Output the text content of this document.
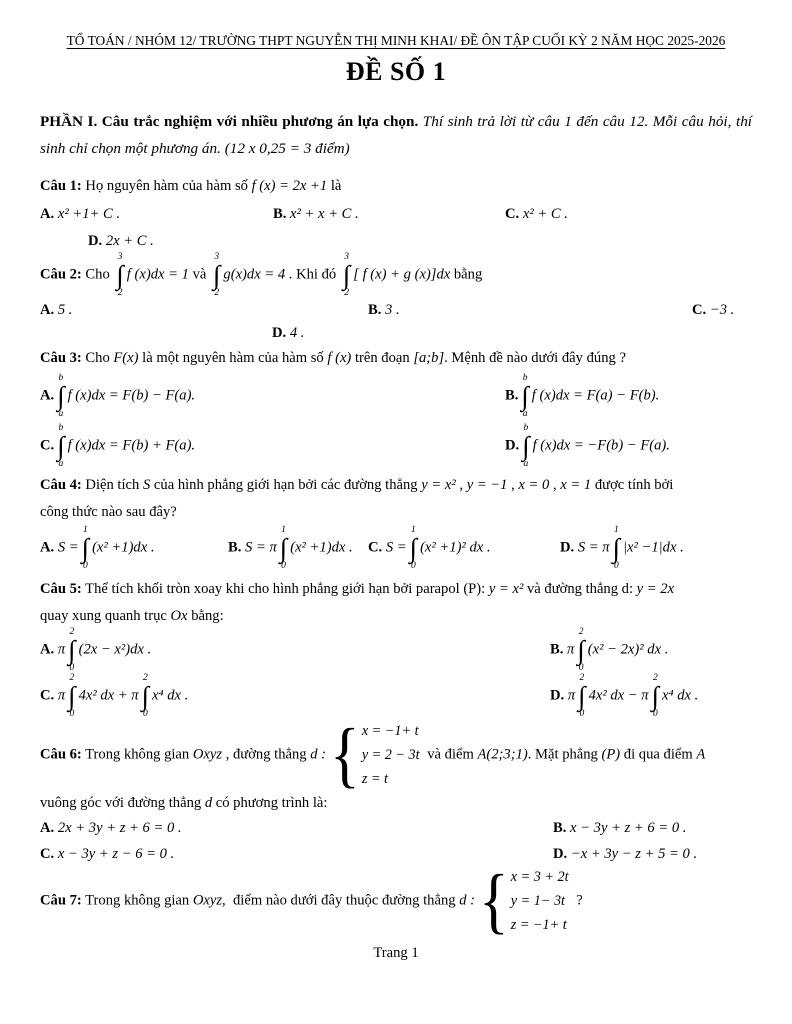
TỔ TOÁN / NHÓM 12/ TRƯỜNG THPT NGUYỄN THỊ MINH KHAI/ ĐỀ ÔN TẬP CUỐI KỲ 2 NĂM HỌC 2025-2026
ĐỀ SỐ 1

PHẦN I. Câu trắc nghiệm với nhiều phương án lựa chọn. Thí sinh trả lời từ câu 1 đến câu 12. Mỗi câu hỏi, thí sinh chỉ chọn một phương án. (12 x 0,25 = 3 điểm)

Câu 1: Họ nguyên hàm của hàm số f (x) = 2x +1 là
A. x² +1+ C .	B. x² + x + C .	C. x² + C .
D. 2x + C .
Câu 2: Cho
3
∫
2
f (x)dx = 1 và
3
∫
2
g(x)dx = 4 . Khi đó
3
∫
2
[ f (x) + g (x)]dx bằng
A. 5 .	B. 3 .	C. −3 .
D. 4 .
Câu 3: Cho F(x) là một nguyên hàm của hàm số f (x) trên đoạn [a;b]. Mệnh đề nào dưới đây đúng ?
A.
b
∫
a
f (x)dx = F(b) − F(a).	B.
b
∫
a
f (x)dx = F(a) − F(b).
C.
b
∫
a
f (x)dx = F(b) + F(a).	D.
b
∫
a
f (x)dx = −F(b) − F(a).
Câu 4: Diện tích S của hình phẳng giới hạn bởi các đường thẳng y = x² , y = −1 , x = 0 , x = 1 được tính bởi
công thức nào sau đây?
A. S =
1
∫
0
(x² +1)dx .	B. S = π
1
∫
0
(x² +1)dx .	C. S =
1
∫
0
(x² +1)² dx .	D. S = π
1
∫
0
|x² −1|dx .
Câu 5: Thể tích khối tròn xoay khi cho hình phẳng giới hạn bởi parapol (P): y = x² và đường thẳng d: y = 2x
quay xung quanh trục Ox bằng:
A. π
2
∫
0
(2x − x²)dx .	B. π
2
∫
0
(x² − 2x)² dx .
C. π
2
∫
0
4x² dx + π
2
∫
0
x⁴ dx .	D. π
2
∫
0
4x² dx − π
2
∫
0
x⁴ dx .
Câu 6: Trong không gian Oxyz , đường thẳng d : { x = −1+ t
y = 2 − 3t
z = t
và điểm A(2;3;1). Mặt phẳng (P) đi qua điểm A
vuông góc với đường thẳng d có phương trình là:
A. 2x + 3y + z + 6 = 0 .	B. x − 3y + z + 6 = 0 .
C. x − 3y + z − 6 = 0 .	D. −x + 3y − z + 5 = 0 .
Câu 7: Trong không gian Oxyz,  điểm nào dưới đây thuộc đường thẳng d : { x = 3 + 2t
y = 1− 3t
z = −1+ t
?
Trang 1
